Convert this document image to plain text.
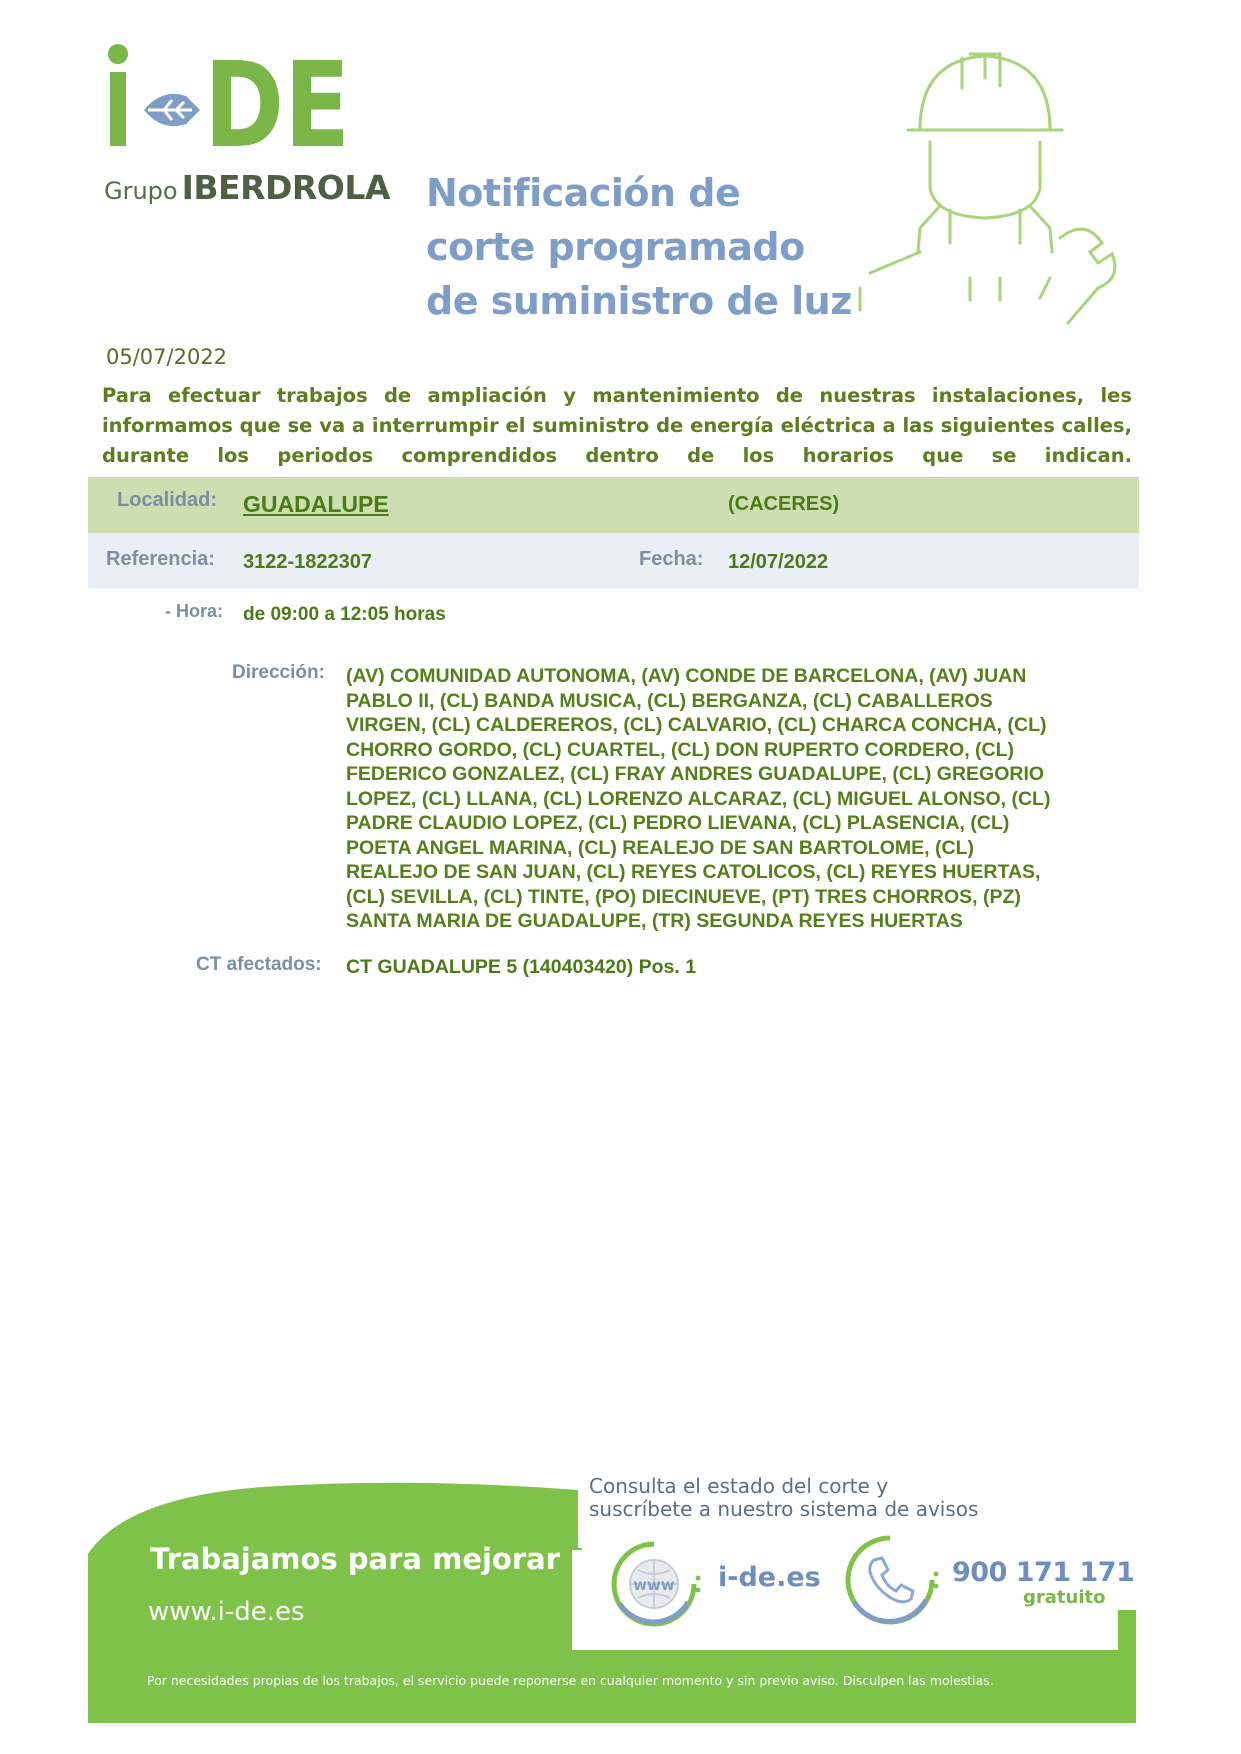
DE
Grupo IBERDROLA Notificación de
corte programado
de suministro de luz
05/07/2022
Para efectuar trabajos de ampliación y mantenimiento de nuestras instalaciones, les informamos que se va a interrumpir el suministro de energía eléctrica a las siguientes calles, durante los periodos comprendidos dentro de los horarios que se indican.
Localidad: GUADALUPE	(CACERES)
Referencia: 3122-1822307	Fecha: 12/07/2022
- Hora: de 09:00 a 12:05 horas
Dirección: (AV) COMUNIDAD AUTONOMA, (AV) CONDE DE BARCELONA, (AV) JUAN
PABLO II, (CL) BANDA MUSICA, (CL) BERGANZA, (CL) CABALLEROS
VIRGEN, (CL) CALDEREROS, (CL) CALVARIO, (CL) CHARCA CONCHA, (CL)
CHORRO GORDO, (CL) CUARTEL, (CL) DON RUPERTO CORDERO, (CL)
FEDERICO GONZALEZ, (CL) FRAY ANDRES GUADALUPE, (CL) GREGORIO
LOPEZ, (CL) LLANA, (CL) LORENZO ALCARAZ, (CL) MIGUEL ALONSO, (CL)
PADRE CLAUDIO LOPEZ, (CL) PEDRO LIEVANA, (CL) PLASENCIA, (CL)
POETA ANGEL MARINA, (CL) REALEJO DE SAN BARTOLOME, (CL)
REALEJO DE SAN JUAN, (CL) REYES CATOLICOS, (CL) REYES HUERTAS,
(CL) SEVILLA, (CL) TINTE, (PO) DIECINUEVE, (PT) TRES CHORROS, (PZ)
SANTA MARIA DE GUADALUPE, (TR) SEGUNDA REYES HUERTAS
CT afectados: CT GUADALUPE 5 (140403420) Pos. 1
Consulta el estado del corte y
suscríbete a nuestro sistema de avisos
Trabajamos para mejorar
www.i-de.es
www i-de.es	900 171 171
gratuito
Por necesidades propias de los trabajos, el servicio puede reponerse en cualquier momento y sin previo aviso. Disculpen las molestias.
